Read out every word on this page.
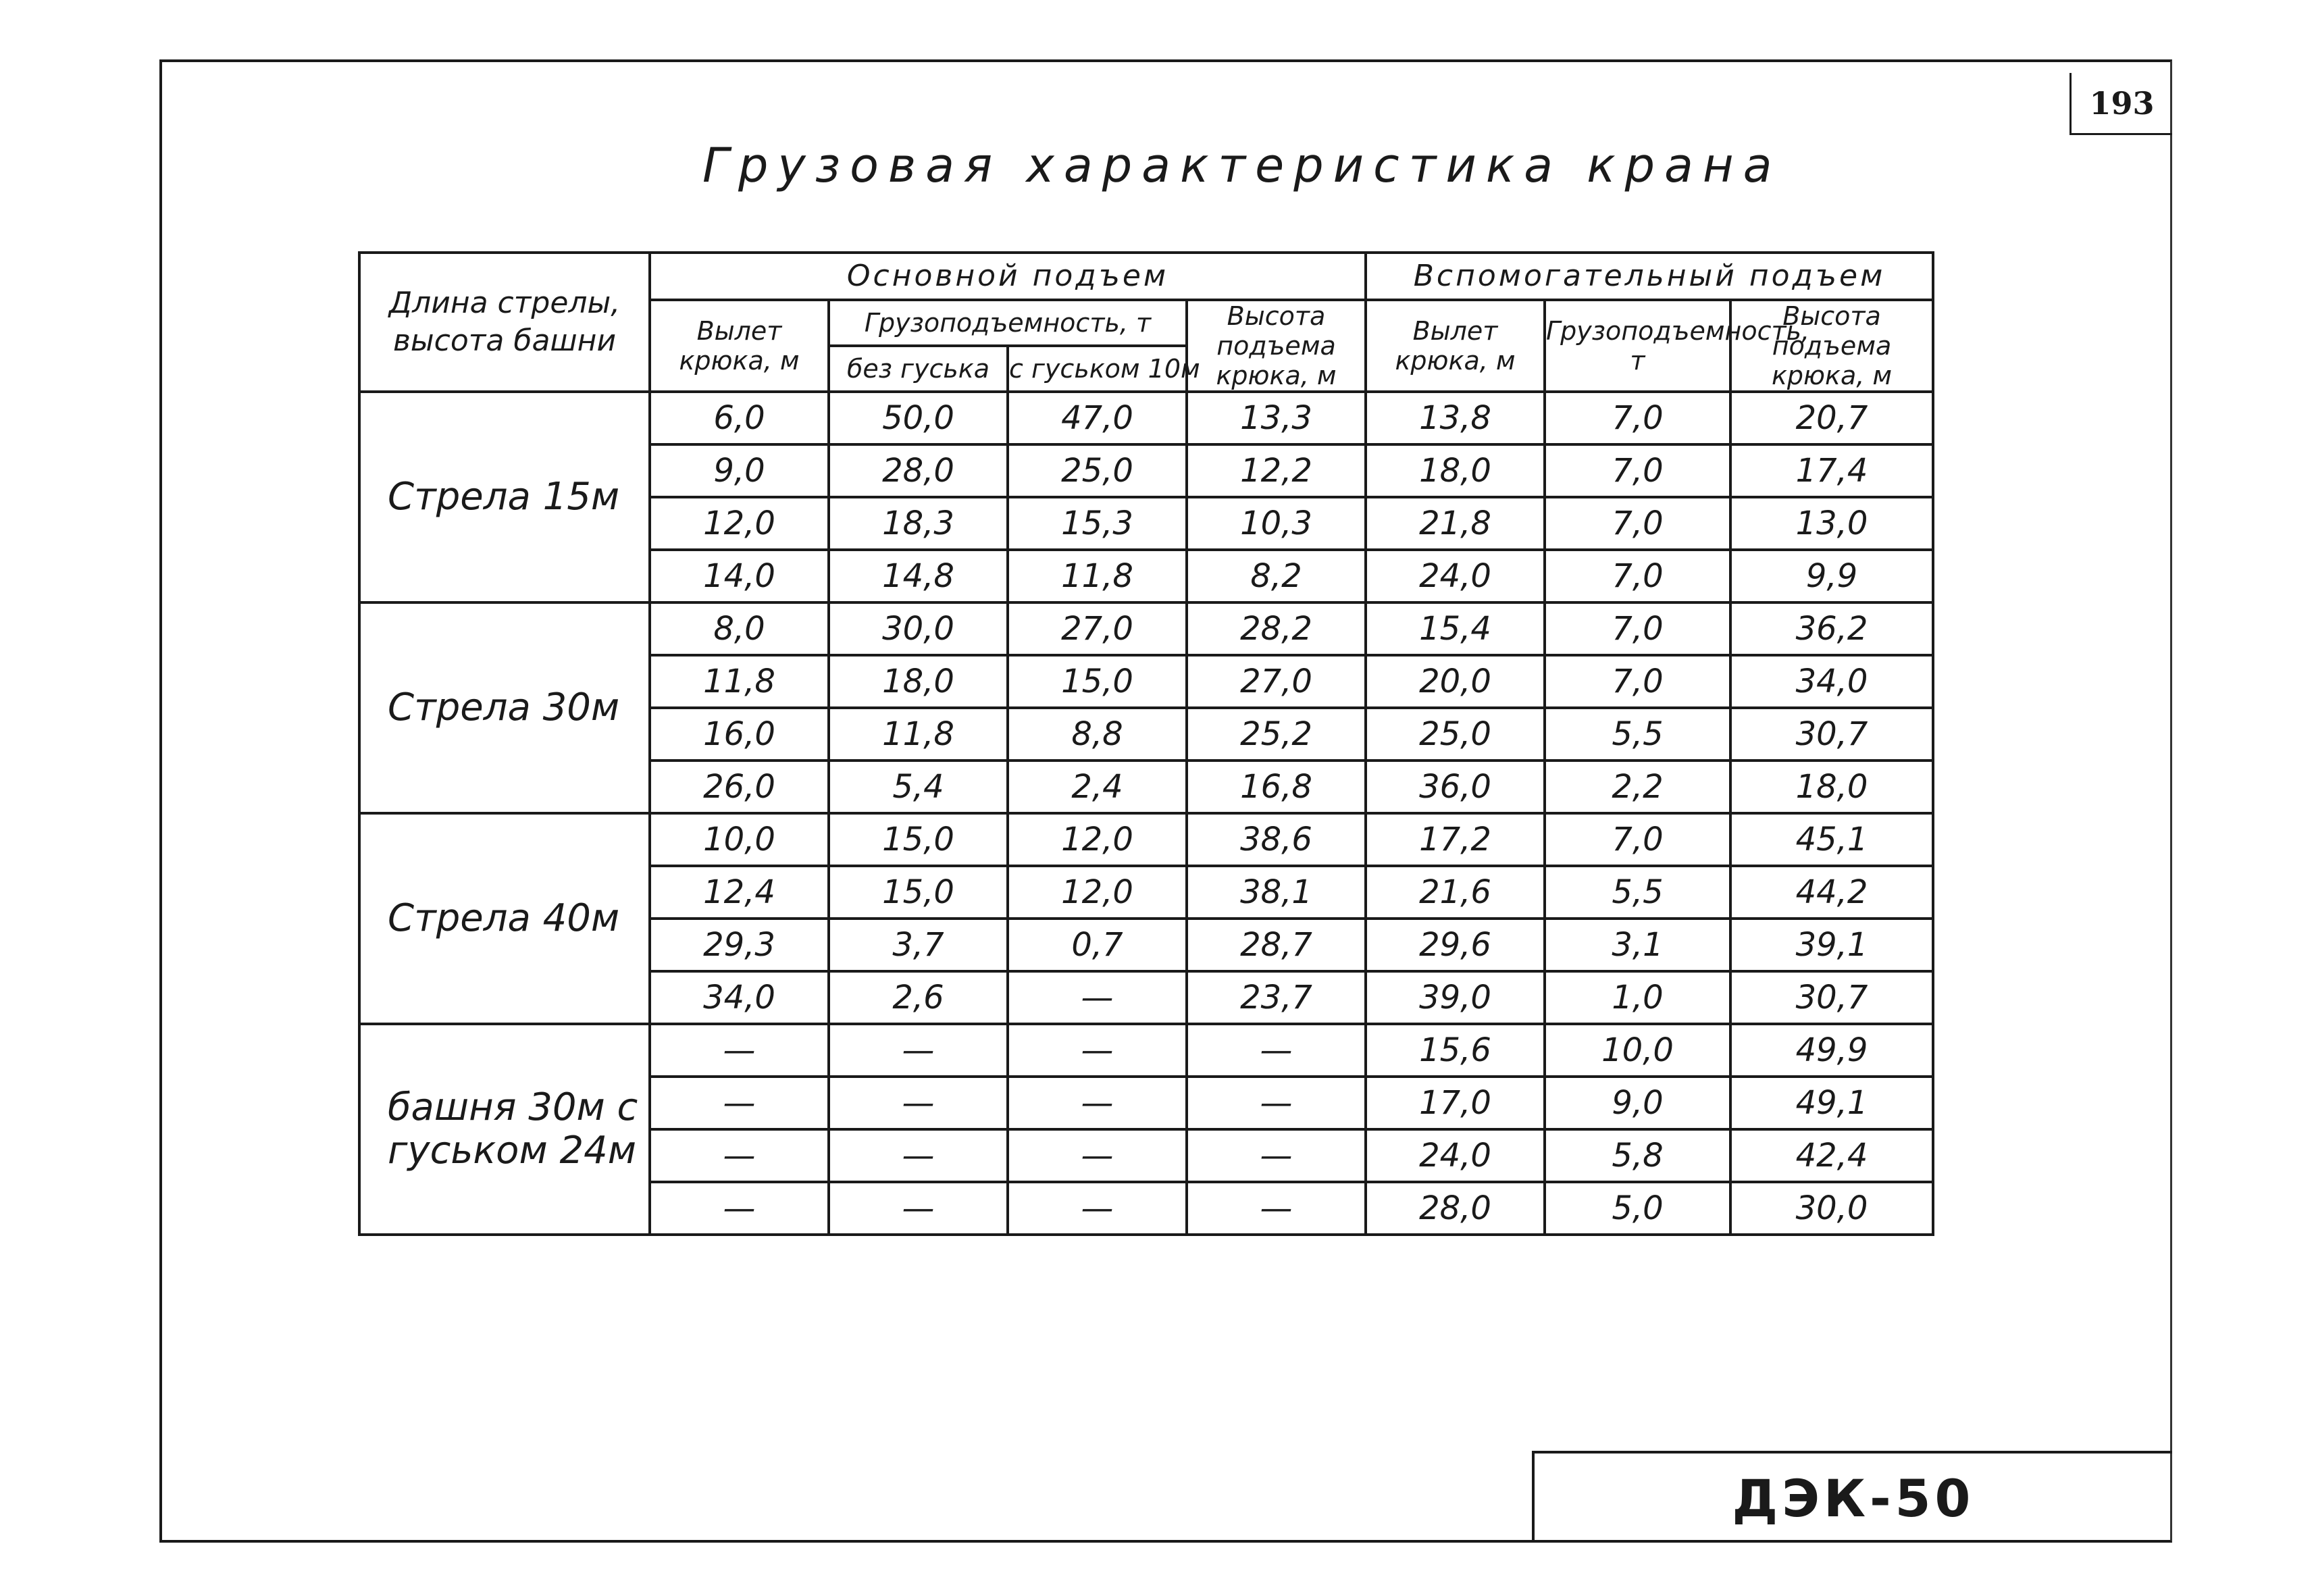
193
Грузовая характеристика крана
Длина стрелы, высота башни	Основной подъем				Вспомогательный подъем		
	Вылет крюка, м	Грузоподъемность, т		Высота подъема крюка, м	Вылет крюка, м	Грузоподъемность, т	Высота подъема крюка, м
		без гуська	с гуськом 10м				
Стрела 15м	6,0	50,0	47,0	13,3	13,8	7,0	20,7
	9,0	28,0	25,0	12,2	18,0	7,0	17,4
	12,0	18,3	15,3	10,3	21,8	7,0	13,0
	14,0	14,8	11,8	8,2	24,0	7,0	9,9
Стрела 30м	8,0	30,0	27,0	28,2	15,4	7,0	36,2
	11,8	18,0	15,0	27,0	20,0	7,0	34,0
	16,0	11,8	8,8	25,2	25,0	5,5	30,7
	26,0	5,4	2,4	16,8	36,0	2,2	18,0
Стрела 40м	10,0	15,0	12,0	38,6	17,2	7,0	45,1
	12,4	15,0	12,0	38,1	21,6	5,5	44,2
	29,3	3,7	0,7	28,7	29,6	3,1	39,1
	34,0	2,6	—	23,7	39,0	1,0	30,7
башня 30м с гуськом 24м	—	—	—	—	15,6	10,0	49,9
	—	—	—	—	17,0	9,0	49,1
	—	—	—	—	24,0	5,8	42,4
	—	—	—	—	28,0	5,0	30,0
ДЭК-50
